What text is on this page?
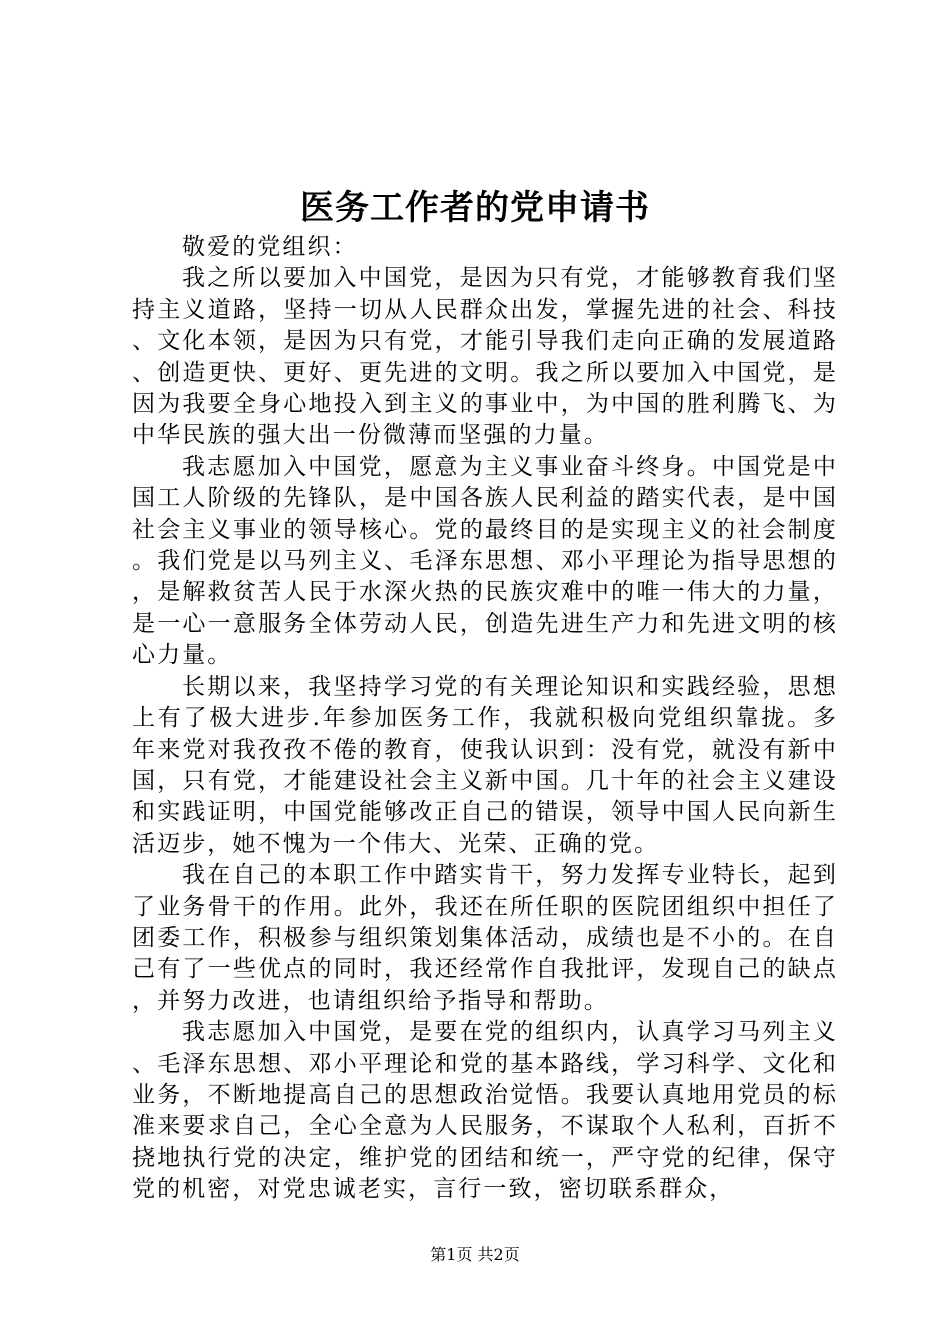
医务工作者的党申请书

敬爱的党组织：

我之所以要加入中国党，是因为只有党，才能够教育我们坚持主义道路，坚持一切从人民群众出发，掌握先进的社会、科技、文化本领，是因为只有党，才能引导我们走向正确的发展道路、创造更快、更好、更先进的文明。我之所以要加入中国党，是因为我要全身心地投入到主义的事业中，为中国的胜利腾飞、为中华民族的强大出一份微薄而坚强的力量。

我志愿加入中国党，愿意为主义事业奋斗终身。中国党是中国工人阶级的先锋队，是中国各族人民利益的踏实代表，是中国社会主义事业的领导核心。党的最终目的是实现主义的社会制度。我们党是以马列主义、毛泽东思想、邓小平理论为指导思想的，是解救贫苦人民于水深火热的民族灾难中的唯一伟大的力量，是一心一意服务全体劳动人民，创造先进生产力和先进文明的核心力量。

长期以来，我坚持学习党的有关理论知识和实践经验，思想上有了极大进步.年参加医务工作，我就积极向党组织靠拢。多年来党对我孜孜不倦的教育，使我认识到：没有党，就没有新中国，只有党，才能建设社会主义新中国。几十年的社会主义建设和实践证明，中国党能够改正自己的错误，领导中国人民向新生活迈步，她不愧为一个伟大、光荣、正确的党。

我在自己的本职工作中踏实肯干，努力发挥专业特长，起到了业务骨干的作用。此外，我还在所任职的医院团组织中担任了团委工作，积极参与组织策划集体活动，成绩也是不小的。在自己有了一些优点的同时，我还经常作自我批评，发现自己的缺点，并努力改进，也请组织给予指导和帮助。

我志愿加入中国党，是要在党的组织内，认真学习马列主义、毛泽东思想、邓小平理论和党的基本路线，学习科学、文化和业务，不断地提高自己的思想政治觉悟。我要认真地用党员的标准来要求自己，全心全意为人民服务，不谋取个人私利，百折不挠地执行党的决定，维护党的团结和统一，严守党的纪律，保守党的机密，对党忠诚老实，言行一致，密切联系群众，

第1页 共2页
